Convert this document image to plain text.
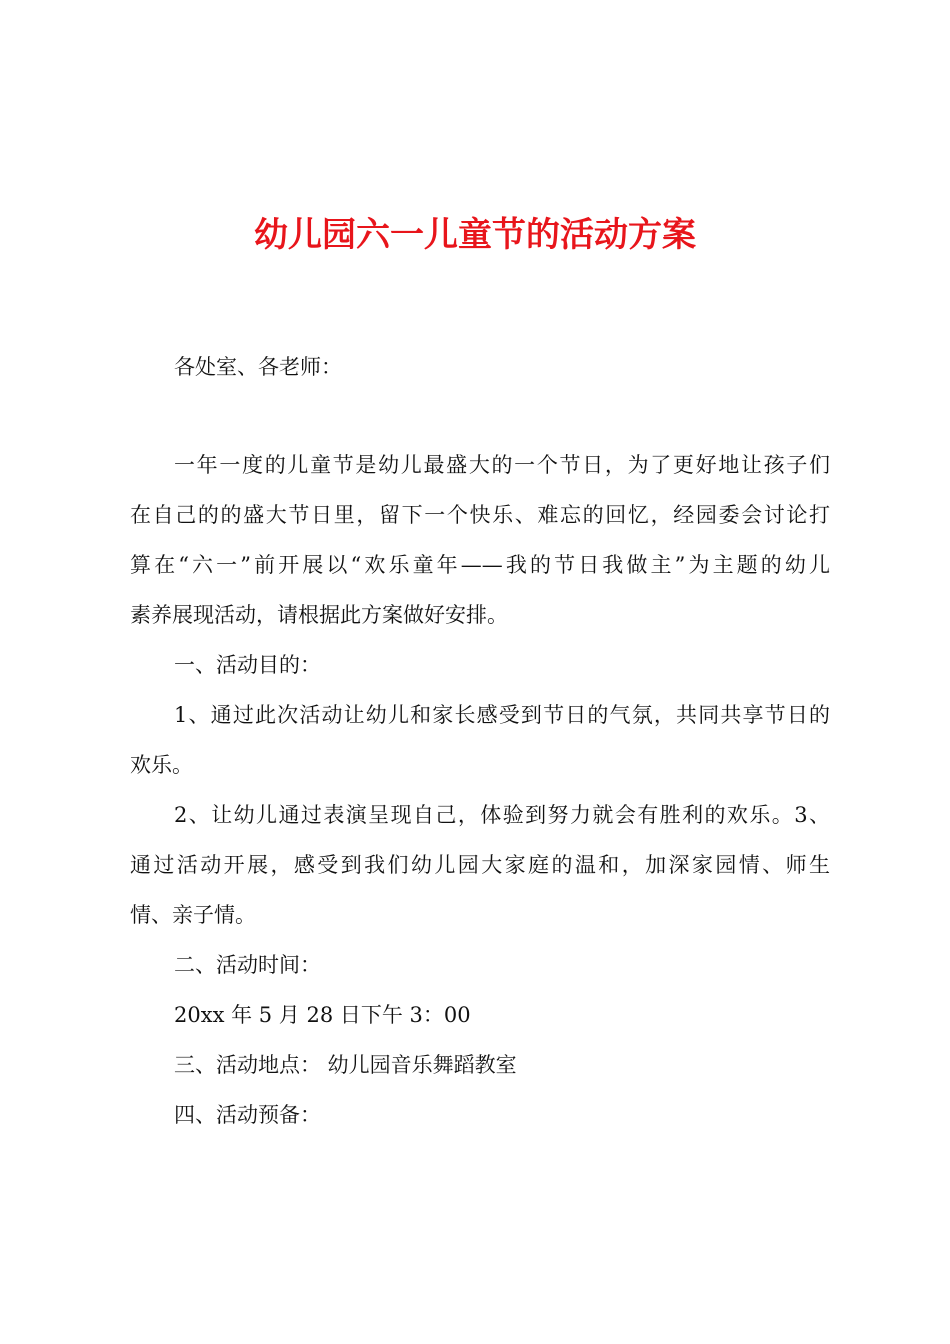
幼儿园六一儿童节的活动方案

各处室、各老师：

一年一度的儿童节是幼儿最盛大的一个节日，为了更好地让孩子们

在自己的的盛大节日里，留下一个快乐、难忘的回忆，经园委会讨论打

算在“六一”前开展以“欢乐童年——我的节日我做主”为主题的幼儿

素养展现活动，请根据此方案做好安排。

一、活动目的：

1、通过此次活动让幼儿和家长感受到节日的气氛，共同共享节日的

欢乐。

2、让幼儿通过表演呈现自己，体验到努力就会有胜利的欢乐。3、

通过活动开展，感受到我们幼儿园大家庭的温和，加深家园情、师生

情、亲子情。

二、活动时间：

20xx 年 5 月 28 日下午 3：00

三、活动地点： 幼儿园音乐舞蹈教室

四、活动预备：
